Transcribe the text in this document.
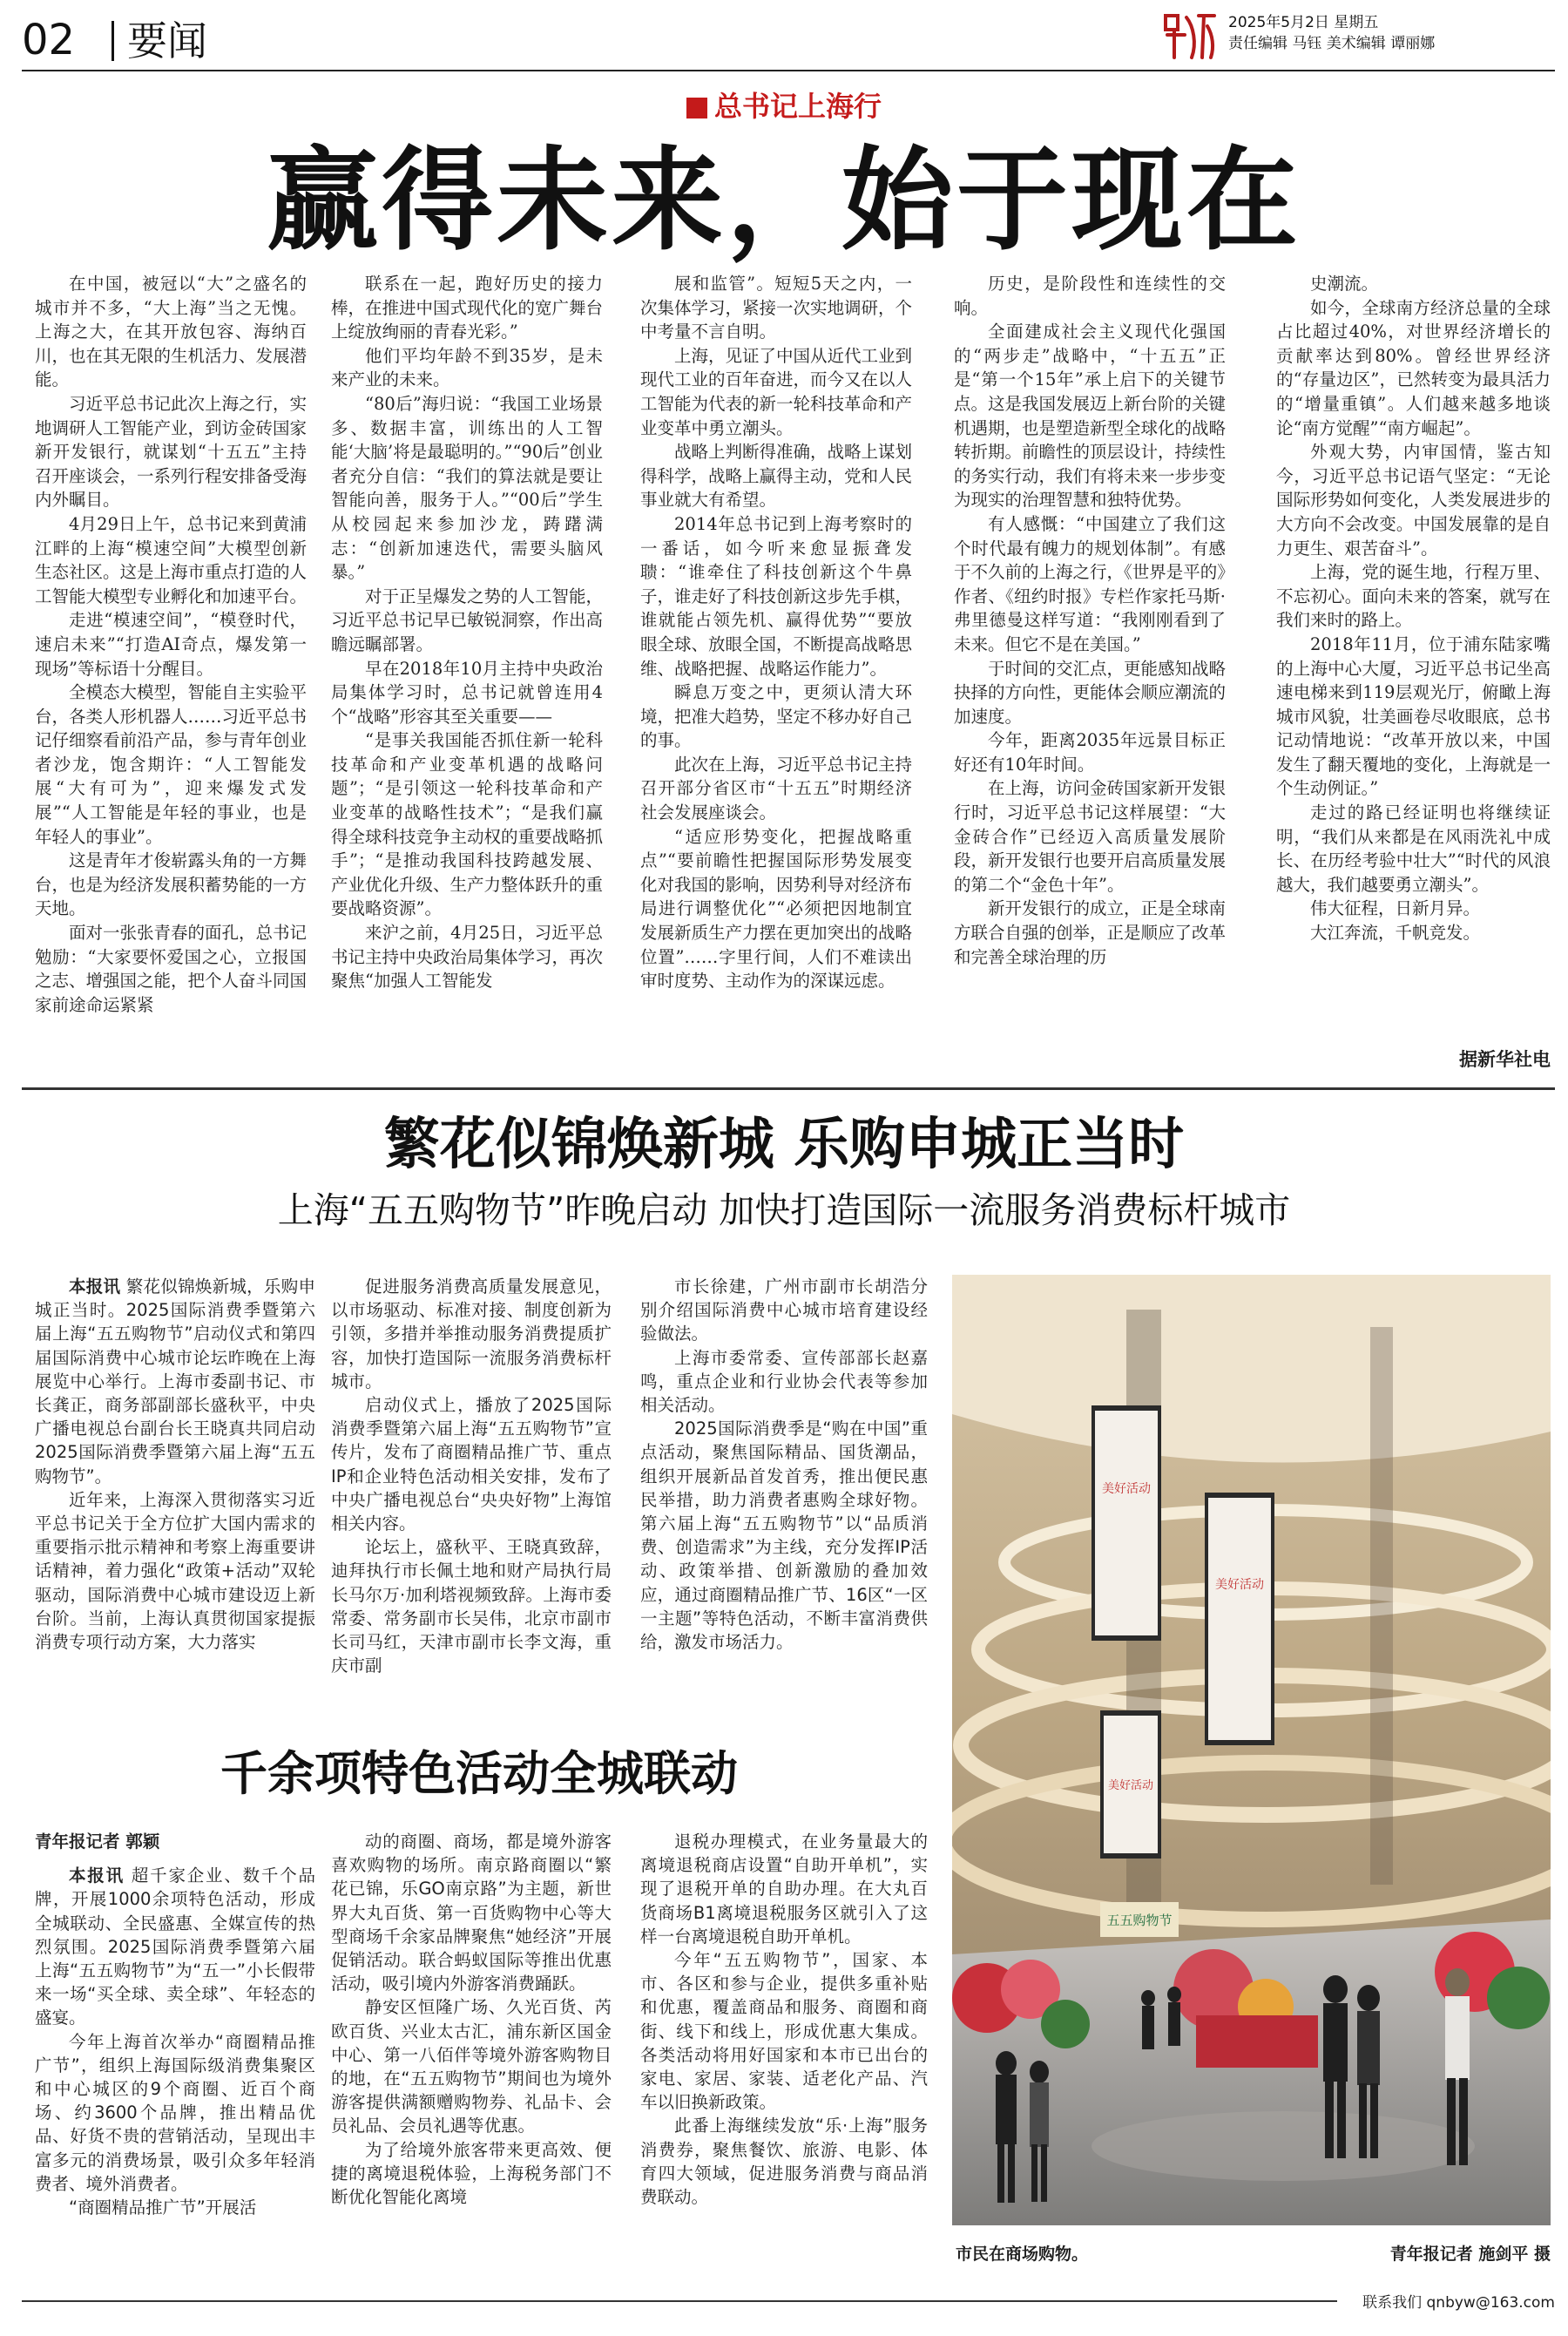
02 要闻	2025年5月2日 星期五
责任编辑 马钰 美术编辑 谭丽娜
总书记上海行
赢得未来，始于现在

在中国，被冠以“大”之盛名的城市并不多，“大上海”当之无愧。上海之大，在其开放包容、海纳百川，也在其无限的生机活力、发展潜能。

习近平总书记此次上海之行，实地调研人工智能产业，到访金砖国家新开发银行，就谋划“十五五”主持召开座谈会，一系列行程安排备受海内外瞩目。

4月29日上午，总书记来到黄浦江畔的上海“模速空间”大模型创新生态社区。这是上海市重点打造的人工智能大模型专业孵化和加速平台。

走进“模速空间”，“模登时代，速启未来”“打造AI奇点，爆发第一现场”等标语十分醒目。

全模态大模型，智能自主实验平台，各类人形机器人……习近平总书记仔细察看前沿产品，参与青年创业者沙龙，饱含期许：“人工智能发展“大有可为”，迎来爆发式发展”“人工智能是年轻的事业，也是年轻人的事业”。

这是青年才俊崭露头角的一方舞台，也是为经济发展积蓄势能的一方天地。

面对一张张青春的面孔，总书记勉励：“大家要怀爱国之心，立报国之志、增强国之能，把个人奋斗同国家前途命运紧紧

联系在一起，跑好历史的接力棒，在推进中国式现代化的宽广舞台上绽放绚丽的青春光彩。”

他们平均年龄不到35岁，是未来产业的未来。

“80后”海归说：“我国工业场景多、数据丰富，训练出的人工智能‘大脑’将是最聪明的。”“90后”创业者充分自信：“我们的算法就是要让智能向善，服务于人。”“00后”学生从校园起来参加沙龙，踌躇满志：“创新加速迭代，需要头脑风暴。”

对于正呈爆发之势的人工智能，习近平总书记早已敏锐洞察，作出高瞻远瞩部署。

早在2018年10月主持中央政治局集体学习时，总书记就曾连用4个“战略”形容其至关重要——

“是事关我国能否抓住新一轮科技革命和产业变革机遇的战略问题”；“是引领这一轮科技革命和产业变革的战略性技术”；“是我们赢得全球科技竞争主动权的重要战略抓手”；“是推动我国科技跨越发展、产业优化升级、生产力整体跃升的重要战略资源”。

来沪之前，4月25日，习近平总书记主持中央政治局集体学习，再次聚焦“加强人工智能发

展和监管”。短短5天之内，一次集体学习，紧接一次实地调研，个中考量不言自明。

上海，见证了中国从近代工业到现代工业的百年奋进，而今又在以人工智能为代表的新一轮科技革命和产业变革中勇立潮头。

战略上判断得准确，战略上谋划得科学，战略上赢得主动，党和人民事业就大有希望。

2014年总书记到上海考察时的一番话，如今听来愈显振聋发聩：“谁牵住了科技创新这个牛鼻子，谁走好了科技创新这步先手棋，谁就能占领先机、赢得优势”“要放眼全球、放眼全国，不断提高战略思维、战略把握、战略运作能力”。

瞬息万变之中，更须认清大环境，把准大趋势，坚定不移办好自己的事。

此次在上海，习近平总书记主持召开部分省区市“十五五”时期经济社会发展座谈会。

“适应形势变化，把握战略重点”“要前瞻性把握国际形势发展变化对我国的影响，因势利导对经济布局进行调整优化”“必须把因地制宜发展新质生产力摆在更加突出的战略位置”……字里行间，人们不难读出审时度势、主动作为的深谋远虑。

历史，是阶段性和连续性的交响。

全面建成社会主义现代化强国的“两步走”战略中，“十五五”正是“第一个15年”承上启下的关键节点。这是我国发展迈上新台阶的关键机遇期，也是塑造新型全球化的战略转折期。前瞻性的顶层设计，持续性的务实行动，我们有将未来一步步变为现实的治理智慧和独特优势。

有人感慨：“中国建立了我们这个时代最有魄力的规划体制”。有感于不久前的上海之行，《世界是平的》作者、《纽约时报》专栏作家托马斯·弗里德曼这样写道：“我刚刚看到了未来。但它不是在美国。”

于时间的交汇点，更能感知战略抉择的方向性，更能体会顺应潮流的加速度。

今年，距离2035年远景目标正好还有10年时间。

在上海，访问金砖国家新开发银行时，习近平总书记这样展望：“大金砖合作”已经迈入高质量发展阶段，新开发银行也要开启高质量发展的第二个“金色十年”。

新开发银行的成立，正是全球南方联合自强的创举，正是顺应了改革和完善全球治理的历

史潮流。

如今，全球南方经济总量的全球占比超过40%，对世界经济增长的贡献率达到80%。曾经世界经济的“存量边区”，已然转变为最具活力的“增量重镇”。人们越来越多地谈论“南方觉醒”“南方崛起”。

外观大势，内审国情，鉴古知今，习近平总书记语气坚定：“无论国际形势如何变化，人类发展进步的大方向不会改变。中国发展靠的是自力更生、艰苦奋斗”。

上海，党的诞生地，行程万里、不忘初心。面向未来的答案，就写在我们来时的路上。

2018年11月，位于浦东陆家嘴的上海中心大厦，习近平总书记坐高速电梯来到119层观光厅，俯瞰上海城市风貌，壮美画卷尽收眼底，总书记动情地说：“改革开放以来，中国发生了翻天覆地的变化，上海就是一个生动例证。”

走过的路已经证明也将继续证明，“我们从来都是在风雨洗礼中成长、在历经考验中壮大”“时代的风浪越大，我们越要勇立潮头”。

伟大征程，日新月异。

大江奔流，千帆竞发。

据新华社电
繁花似锦焕新城 乐购申城正当时
上海“五五购物节”昨晚启动 加快打造国际一流服务消费标杆城市

本报讯 繁花似锦焕新城，乐购申城正当时。2025国际消费季暨第六届上海“五五购物节”启动仪式和第四届国际消费中心城市论坛昨晚在上海展览中心举行。上海市委副书记、市长龚正，商务部副部长盛秋平，中央广播电视总台副台长王晓真共同启动2025国际消费季暨第六届上海“五五购物节”。

近年来，上海深入贯彻落实习近平总书记关于全方位扩大国内需求的重要指示批示精神和考察上海重要讲话精神，着力强化“政策+活动”双轮驱动，国际消费中心城市建设迈上新台阶。当前，上海认真贯彻国家提振消费专项行动方案，大力落实

促进服务消费高质量发展意见，以市场驱动、标准对接、制度创新为引领，多措并举推动服务消费提质扩容，加快打造国际一流服务消费标杆城市。

启动仪式上，播放了2025国际消费季暨第六届上海“五五购物节”宣传片，发布了商圈精品推广节、重点IP和企业特色活动相关安排，发布了中央广播电视总台“央央好物”上海馆相关内容。

论坛上，盛秋平、王晓真致辞，迪拜执行市长佩土地和财产局执行局长马尔万·加利塔视频致辞。上海市委常委、常务副市长吴伟，北京市副市长司马红，天津市副市长李文海，重庆市副

市长徐建，广州市副市长胡浩分别介绍国际消费中心城市培育建设经验做法。

上海市委常委、宣传部部长赵嘉鸣，重点企业和行业协会代表等参加相关活动。

2025国际消费季是“购在中国”重点活动，聚焦国际精品、国货潮品，组织开展新品首发首秀，推出便民惠民举措，助力消费者惠购全球好物。第六届上海“五五购物节”以“品质消费、创造需求”为主线，充分发挥IP活动、政策举措、创新激励的叠加效应，通过商圈精品推广节、16区“一区一主题”等特色活动，不断丰富消费供给，激发市场活力。

千余项特色活动全城联动

青年报记者 郭颖

本报讯 超千家企业、数千个品牌，开展1000余项特色活动，形成全城联动、全民盛惠、全媒宣传的热烈氛围。2025国际消费季暨第六届上海“五五购物节”为“五一”小长假带来一场“买全球、卖全球”、年轻态的盛宴。

今年上海首次举办“商圈精品推广节”，组织上海国际级消费集聚区和中心城区的9个商圈、近百个商场、约3600个品牌，推出精品优品、好货不贵的营销活动，呈现出丰富多元的消费场景，吸引众多年轻消费者、境外消费者。

“商圈精品推广节”开展活

动的商圈、商场，都是境外游客喜欢购物的场所。南京路商圈以“繁花已锦，乐GO南京路”为主题，新世界大丸百货、第一百货购物中心等大型商场千余家品牌聚焦“她经济”开展促销活动。联合蚂蚁国际等推出优惠活动，吸引境内外游客消费踊跃。

静安区恒隆广场、久光百货、芮欧百货、兴业太古汇，浦东新区国金中心、第一八佰伴等境外游客购物目的地，在“五五购物节”期间也为境外游客提供满额赠购物券、礼品卡、会员礼品、会员礼遇等优惠。

为了给境外旅客带来更高效、便捷的离境退税体验，上海税务部门不断优化智能化离境

退税办理模式，在业务量最大的离境退税商店设置“自助开单机”，实现了退税开单的自助办理。在大丸百货商场B1离境退税服务区就引入了这样一台离境退税自助开单机。

今年“五五购物节”，国家、本市、各区和参与企业，提供多重补贴和优惠，覆盖商品和服务、商圈和商街、线下和线上，形成优惠大集成。各类活动将用好国家和本市已出台的家电、家居、家装、适老化产品、汽车以旧换新政策。

此番上海继续发放“乐·上海”服务消费券，聚焦餐饮、旅游、电影、体育四大领域，促进服务消费与商品消费联动。

美好活动
美好活动
美好活动
五五购物节
市民在商场购物。	青年报记者 施剑平 摄
联系我们 qnbyw@163.com
